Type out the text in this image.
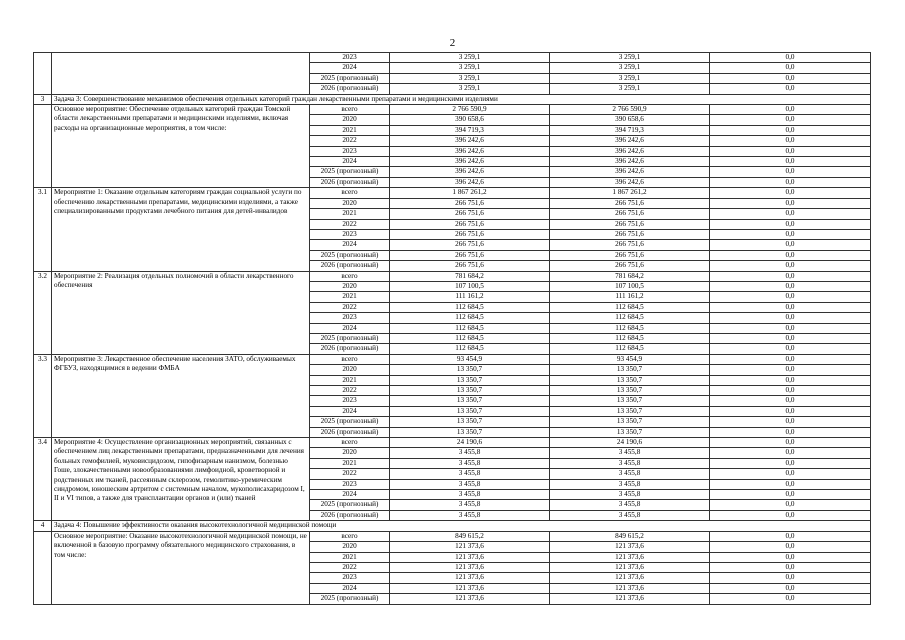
2
		2023	3 259,1	3 259,1	0,0
		2024	3 259,1	3 259,1	0,0
		2025 (прогнозный)	3 259,1	3 259,1	0,0
		2026 (прогнозный)	3 259,1	3 259,1	0,0
3	Задача 3: Совершенствование механизмов обеспечения отдельных категорий граждан лекарственными препаратами и медицинскими изделиями				
	Основное мероприятие: Обеспечение отдельных категорий граждан Томской области лекарственными препаратами и медицинскими изделиями, включая расходы на организационные мероприятия, в том числе:	всего	2 766 590,9	2 766 590,9	0,0
		2020	390 658,6	390 658,6	0,0
		2021	394 719,3	394 719,3	0,0
		2022	396 242,6	396 242,6	0,0
		2023	396 242,6	396 242,6	0,0
		2024	396 242,6	396 242,6	0,0
		2025 (прогнозный)	396 242,6	396 242,6	0,0
		2026 (прогнозный)	396 242,6	396 242,6	0,0
3.1	Мероприятие 1: Оказание отдельным категориям граждан социальной услуги по обеспечению лекарственными препаратами, медицинскими изделиями, а также специализированными продуктами лечебного питания для детей-инвалидов	всего	1 867 261,2	1 867 261,2	0,0
		2020	266 751,6	266 751,6	0,0
		2021	266 751,6	266 751,6	0,0
		2022	266 751,6	266 751,6	0,0
		2023	266 751,6	266 751,6	0,0
		2024	266 751,6	266 751,6	0,0
		2025 (прогнозный)	266 751,6	266 751,6	0,0
		2026 (прогнозный)	266 751,6	266 751,6	0,0
3.2	Мероприятие 2: Реализация отдельных полномочий в области лекарственного обеспечения	всего	781 684,2	781 684,2	0,0
		2020	107 100,5	107 100,5	0,0
		2021	111 161,2	111 161,2	0,0
		2022	112 684,5	112 684,5	0,0
		2023	112 684,5	112 684,5	0,0
		2024	112 684,5	112 684,5	0,0
		2025 (прогнозный)	112 684,5	112 684,5	0,0
		2026 (прогнозный)	112 684,5	112 684,5	0,0
3.3	Мероприятие 3: Лекарственное обеспечение населения ЗАТО, обслуживаемых ФГБУЗ, находящимися в ведении ФМБА	всего	93 454,9	93 454,9	0,0
		2020	13 350,7	13 350,7	0,0
		2021	13 350,7	13 350,7	0,0
		2022	13 350,7	13 350,7	0,0
		2023	13 350,7	13 350,7	0,0
		2024	13 350,7	13 350,7	0,0
		2025 (прогнозный)	13 350,7	13 350,7	0,0
		2026 (прогнозный)	13 350,7	13 350,7	0,0
3.4	Мероприятие 4: Осуществление организационных мероприятий, связанных с обеспечением лиц лекарственными препаратами, предназначенными для лечения больных гемофилией, муковисцидозом, гипофизарным нанизмом, болезнью Гоше, злокачественными новообразованиями лимфоидной, кроветворной и родственных им тканей, рассеянным склерозом, гемолитико-уремическим синдромом, юношеским артритом с системным началом, мукополисахаридозом I, II и VI типов, а также для трансплантации органов и (или) тканей	всего	24 190,6	24 190,6	0,0
		2020	3 455,8	3 455,8	0,0
		2021	3 455,8	3 455,8	0,0
		2022	3 455,8	3 455,8	0,0
		2023	3 455,8	3 455,8	0,0
		2024	3 455,8	3 455,8	0,0
		2025 (прогнозный)	3 455,8	3 455,8	0,0
		2026 (прогнозный)	3 455,8	3 455,8	0,0
4	Задача 4: Повышение эффективности оказания высокотехнологичной медицинской помощи				
	Основное мероприятие: Оказание высокотехнологичной медицинской помощи, не включенной в базовую программу обязательного медицинского страхования, в том числе:	всего	849 615,2	849 615,2	0,0
		2020	121 373,6	121 373,6	0,0
		2021	121 373,6	121 373,6	0,0
		2022	121 373,6	121 373,6	0,0
		2023	121 373,6	121 373,6	0,0
		2024	121 373,6	121 373,6	0,0
		2025 (прогнозный)	121 373,6	121 373,6	0,0
